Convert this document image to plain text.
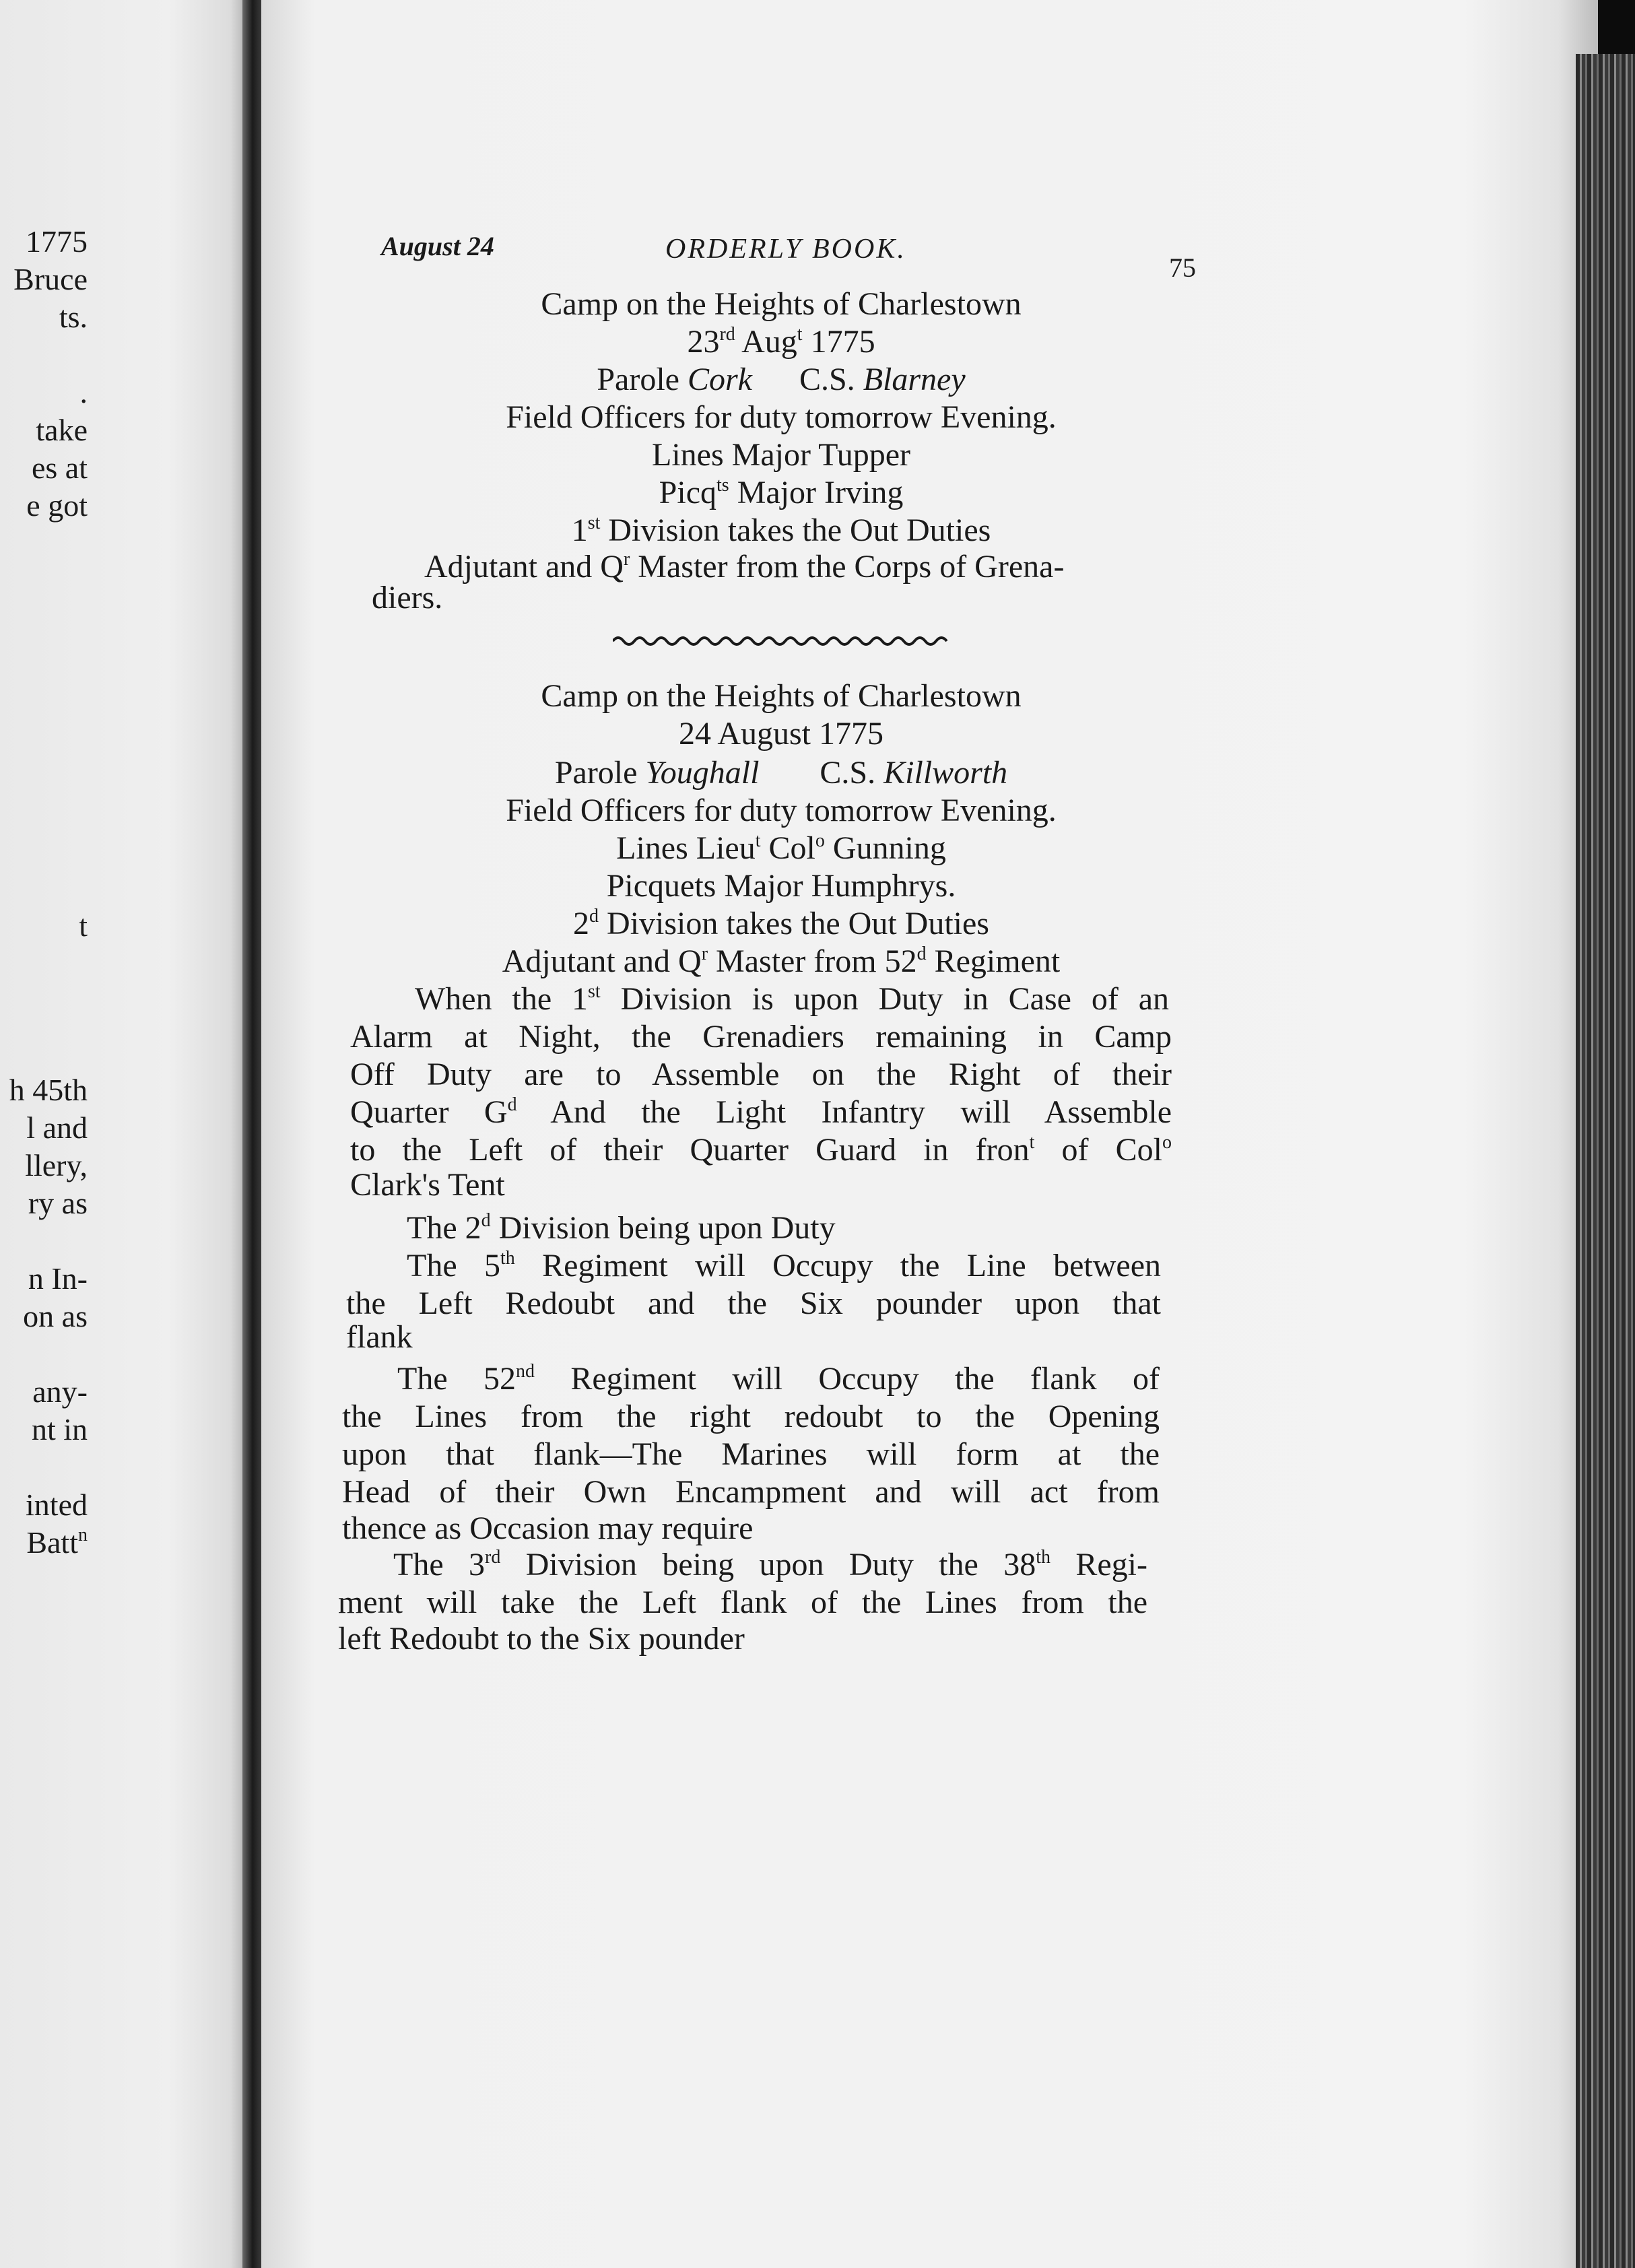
1775
Bruce
ts.
.
take
es at
e got
t
h 45th
l and
llery,
ry as
n In-
on as
any-
nt in
inted
Batt$^n$
August 24	ORDERLY BOOK.
75
Camp on the Heights of Charlestown
23rd Aug$^t$ 1775
Parole Cork C.S. Blarney
Field Officers for duty tomorrow Evening.
Lines Major Tupper
Picq$^{ts}$ Major Irving
1st Division takes the Out Duties
Adjutant and $Q^r$ Master from the Corps of Grena-
diers.
Camp on the Heights of Charlestown
24 August 1775
Parole Youghall C.S. Killworth
Field Officers for duty tomorrow Evening.
Lines Lieu$^t$ Col$^o$ Gunning
Picquets Major Humphrys.
2$^d$ Division takes the Out Duties
Adjutant and $Q^r$ Master from 52$^d$ Regiment
When the 1st Division is upon Duty in Case of an
Alarm at Night, the Grenadiers remaining in Camp
Off Duty are to Assemble on the Right of their
Quarter $G^d$ And the Light Infantry will Assemble
to the Left of their Quarter Guard in fron$^t$ of Col$^o$
Clark's Tent
The 2$^d$ Division being upon Duty
The 5th Regiment will Occupy the Line between
the Left Redoubt and the Six pounder upon that
flank
The 52nd Regiment will Occupy the flank of
the Lines from the right redoubt to the Opening
upon that flank—The Marines will form at the
Head of their Own Encampment and will act from
thence as Occasion may require
The 3rd Division being upon Duty the 38th Regi-
ment will take the Left flank of the Lines from the
left Redoubt to the Six pounder
